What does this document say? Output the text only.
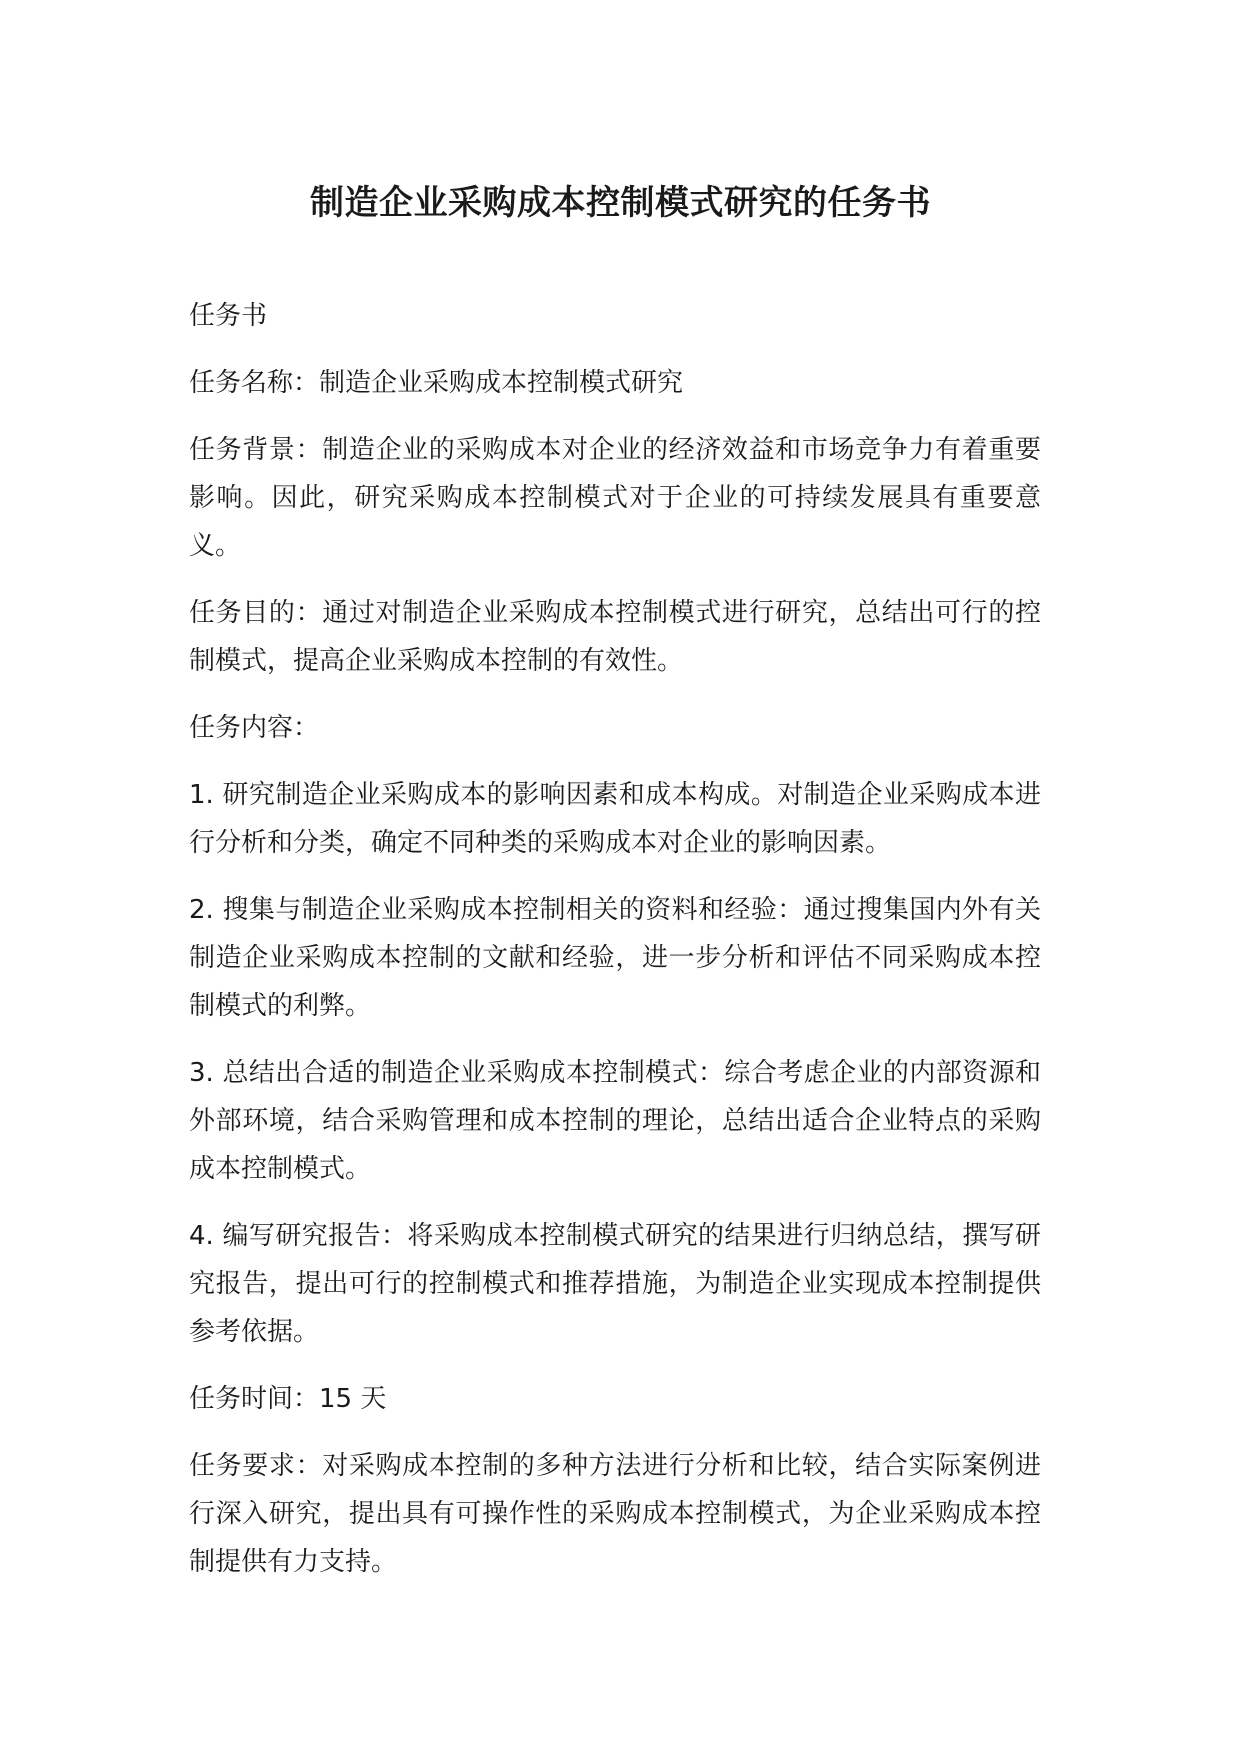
制造企业采购成本控制模式研究的任务书

任务书

任务名称：制造企业采购成本控制模式研究

任务背景：制造企业的采购成本对企业的经济效益和市场竞争力有着重要影响。因此，研究采购成本控制模式对于企业的可持续发展具有重要意义。

任务目的：通过对制造企业采购成本控制模式进行研究，总结出可行的控制模式，提高企业采购成本控制的有效性。

任务内容：

1. 研究制造企业采购成本的影响因素和成本构成。对制造企业采购成本进行分析和分类，确定不同种类的采购成本对企业的影响因素。

2. 搜集与制造企业采购成本控制相关的资料和经验：通过搜集国内外有关制造企业采购成本控制的文献和经验，进一步分析和评估不同采购成本控制模式的利弊。

3. 总结出合适的制造企业采购成本控制模式：综合考虑企业的内部资源和外部环境，结合采购管理和成本控制的理论，总结出适合企业特点的采购成本控制模式。

4. 编写研究报告：将采购成本控制模式研究的结果进行归纳总结，撰写研究报告，提出可行的控制模式和推荐措施，为制造企业实现成本控制提供参考依据。

任务时间：15 天

任务要求：对采购成本控制的多种方法进行分析和比较，结合实际案例进行深入研究，提出具有可操作性的采购成本控制模式，为企业采购成本控制提供有力支持。
